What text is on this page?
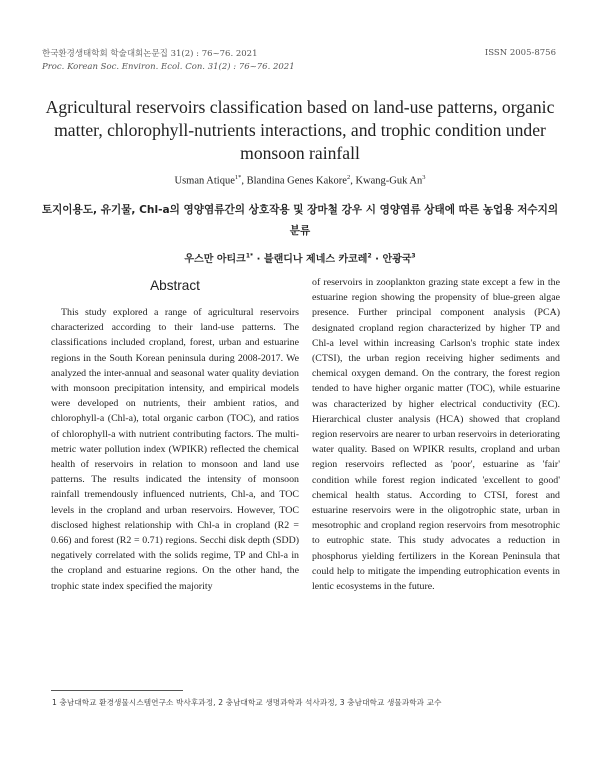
한국환경생태학회 학술대회논문집 31(2) : 76~76. 2021
Proc. Korean Soc. Environ. Ecol. Con. 31(2) : 76~76. 2021
ISSN 2005-8756
Agricultural reservoirs classification based on land-use patterns, organic matter, chlorophyll-nutrients interactions, and trophic condition under monsoon rainfall
Usman Atique$^{1*}$, Blandina Genes Kakore$^2$, Kwang-Guk An$^3$
토지이용도, 유기물, Chl-a의 영양염류간의 상호작용 및 장마철 강우 시 영양염류 상태에 따른 농업용 저수지의 분류
우스만 아티크$^{1*}$ · 블랜디나 제네스 카코레$^2$ · 안광국$^3$
Abstract
This study explored a range of agricultural reservoirs characterized according to their land-use patterns. The classifications included cropland, forest, urban and estuarine regions in the South Korean peninsula during 2008-2017. We analyzed the inter-annual and seasonal water quality deviation with monsoon precipitation intensity, and empirical models were developed on nutrients, their ambient ratios, and chlorophyll-a (Chl-a), total organic carbon (TOC), and ratios of chlorophyll-a with nutrient contributing factors. The multi-metric water pollution index (WPIKR) reflected the chemical health of reservoirs in relation to monsoon and land use patterns. The results indicated the intensity of monsoon rainfall tremendously influenced nutrients, Chl-a, and TOC levels in the cropland and urban reservoirs. However, TOC disclosed highest relationship with Chl-a in cropland (R2 = 0.66) and forest (R2 = 0.71) regions. Secchi disk depth (SDD) negatively correlated with the solids regime, TP and Chl-a in the cropland and estuarine regions. On the other hand, the trophic state index specified the majority
of reservoirs in zooplankton grazing state except a few in the estuarine region showing the propensity of blue-green algae presence. Further principal component analysis (PCA) designated cropland region characterized by higher TP and Chl-a level within increasing Carlson's trophic state index (CTSI), the urban region receiving higher sediments and chemical oxygen demand. On the contrary, the forest region tended to have higher organic matter (TOC), while estuarine was characterized by higher electrical conductivity (EC). Hierarchical cluster analysis (HCA) showed that cropland region reservoirs are nearer to urban reservoirs in deteriorating water quality. Based on WPIKR results, cropland and urban region reservoirs reflected as 'poor', estuarine as 'fair' condition while forest region indicated 'excellent to good' chemical health status. According to CTSI, forest and estuarine reservoirs were in the oligotrophic state, urban in mesotrophic and cropland region reservoirs from mesotrophic to eutrophic state. This study advocates a reduction in phosphorus yielding fertilizers in the Korean Peninsula that could help to mitigate the impending eutrophication events in lentic ecosystems in the future.
1 충남대학교 환경생물시스템연구소 박사후과정, 2 충남대학교 생명과학과 석사과정, 3 충남대학교 생물과학과 교수
